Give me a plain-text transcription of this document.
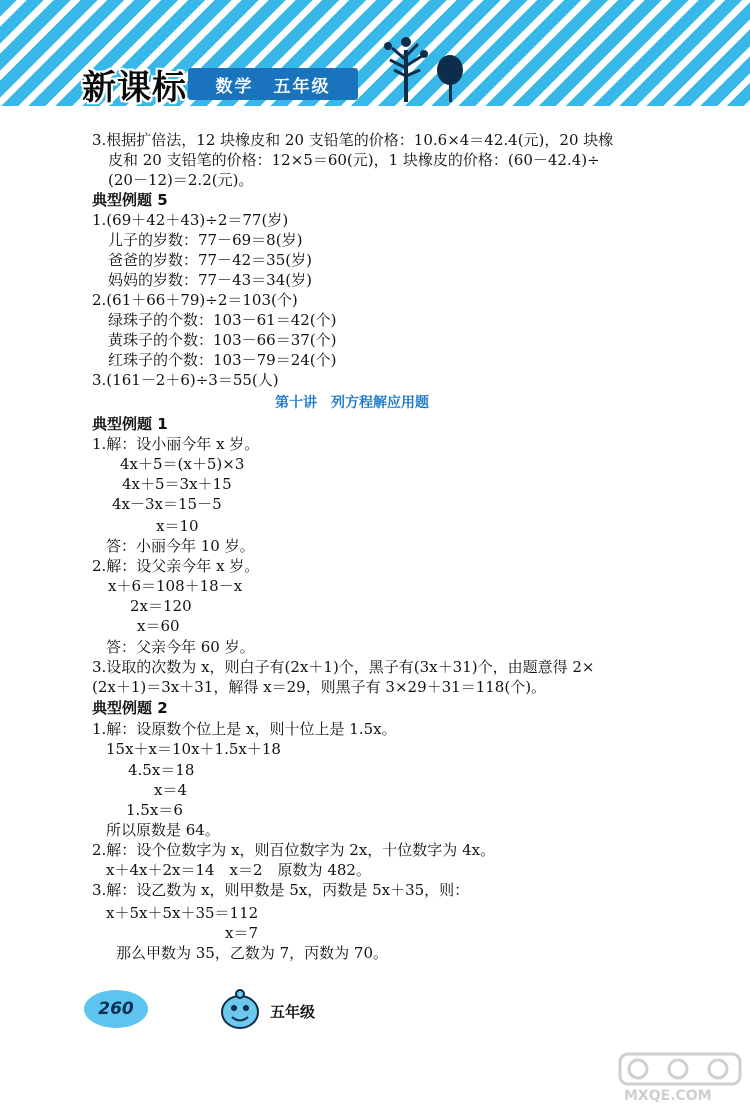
新课标 数学 五年级
3.根据扩倍法，12 块橡皮和 20 支铅笔的价格：10.6×4＝42.4(元)，20 块橡
皮和 20 支铅笔的价格：12×5＝60(元)，1 块橡皮的价格：(60－42.4)÷
(20－12)＝2.2(元)。
典型例题 5
1.(69＋42＋43)÷2＝77(岁)
儿子的岁数：77－69＝8(岁)
爸爸的岁数：77－42＝35(岁)
妈妈的岁数：77－43＝34(岁)
2.(61＋66＋79)÷2＝103(个)
绿珠子的个数：103－61＝42(个)
黄珠子的个数：103－66＝37(个)
红珠子的个数：103－79＝24(个)
3.(161－2＋6)÷3＝55(人)
第十讲　列方程解应用题
典型例题 1
1.解：设小丽今年 x 岁。
4x＋5＝(x＋5)×3
4x＋5＝3x＋15
4x－3x＝15－5
x＝10
答：小丽今年 10 岁。
2.解：设父亲今年 x 岁。
x＋6＝108＋18－x
2x＝120
x＝60
答：父亲今年 60 岁。
3.设取的次数为 x，则白子有(2x＋1)个，黑子有(3x＋31)个，由题意得 2×
(2x＋1)＝3x＋31，解得 x＝29，则黑子有 3×29＋31＝118(个)。
典型例题 2
1.解：设原数个位上是 x，则十位上是 1.5x。
15x＋x＝10x＋1.5x＋18
4.5x＝18
x＝4
1.5x＝6
所以原数是 64。
2.解：设个位数字为 x，则百位数字为 2x，十位数字为 4x。
x＋4x＋2x＝14　x＝2　原数为 482。
3.解：设乙数为 x，则甲数是 5x，丙数是 5x＋35，则：
x＋5x＋5x＋35＝112
x＝7
那么甲数为 35，乙数为 7，丙数为 70。
260	五年级
MXQE.COM
